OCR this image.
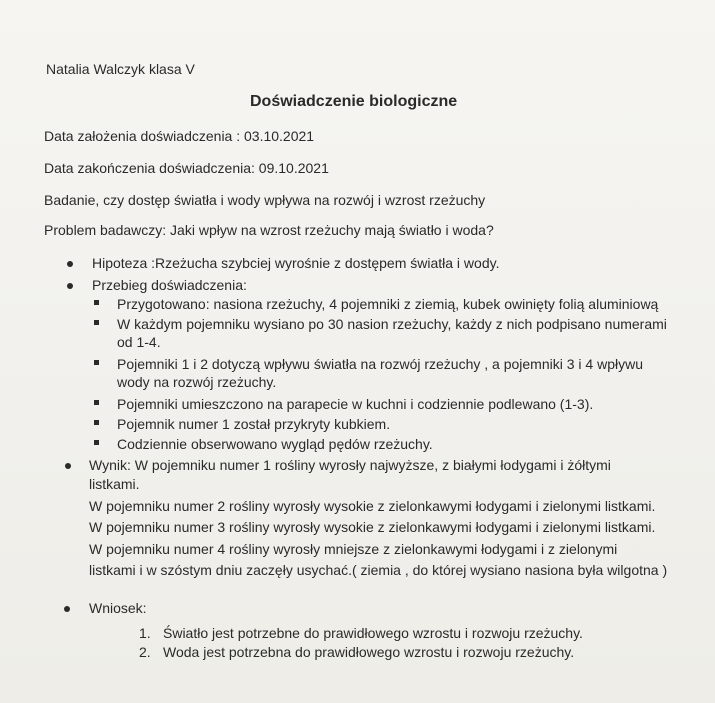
Natalia Walczyk klasa V
Doświadczenie biologiczne
Data założenia doświadczenia : 03.10.2021
Data zakończenia doświadczenia: 09.10.2021
Badanie, czy dostęp światła i wody wpływa na rozwój i wzrost rzeżuchy
Problem badawczy: Jaki wpływ na wzrost rzeżuchy mają światło i woda?
Hipoteza :Rzeżucha szybciej wyrośnie z dostępem światła i wody.
Przebieg doświadczenia:
Przygotowano: nasiona rzeżuchy, 4 pojemniki z ziemią, kubek owinięty folią aluminiową
W każdym pojemniku wysiano po 30 nasion rzeżuchy, każdy z nich podpisano numerami
od 1-4.
Pojemniki 1 i 2 dotyczą wpływu światła na rozwój rzeżuchy , a pojemniki 3 i 4 wpływu
wody na rozwój rzeżuchy.
Pojemniki umieszczono na parapecie w kuchni i codziennie podlewano (1-3).
Pojemnik numer 1 został przykryty kubkiem.
Codziennie obserwowano wygląd pędów rzeżuchy.
Wynik: W pojemniku numer 1 rośliny wyrosły najwyższe, z białymi łodygami i żółtymi
listkami.
W pojemniku numer 2 rośliny wyrosły wysokie z zielonkawymi łodygami i zielonymi listkami.
W pojemniku numer 3 rośliny wyrosły wysokie z zielonkawymi łodygami i zielonymi listkami.
W pojemniku numer 4 rośliny wyrosły mniejsze z zielonkawymi łodygami i z zielonymi
listkami i w szóstym dniu zaczęły usychać.( ziemia , do której wysiano nasiona była wilgotna )
Wniosek:
1. Światło jest potrzebne do prawidłowego wzrostu i rozwoju rzeżuchy.
2. Woda jest potrzebna do prawidłowego wzrostu i rozwoju rzeżuchy.
